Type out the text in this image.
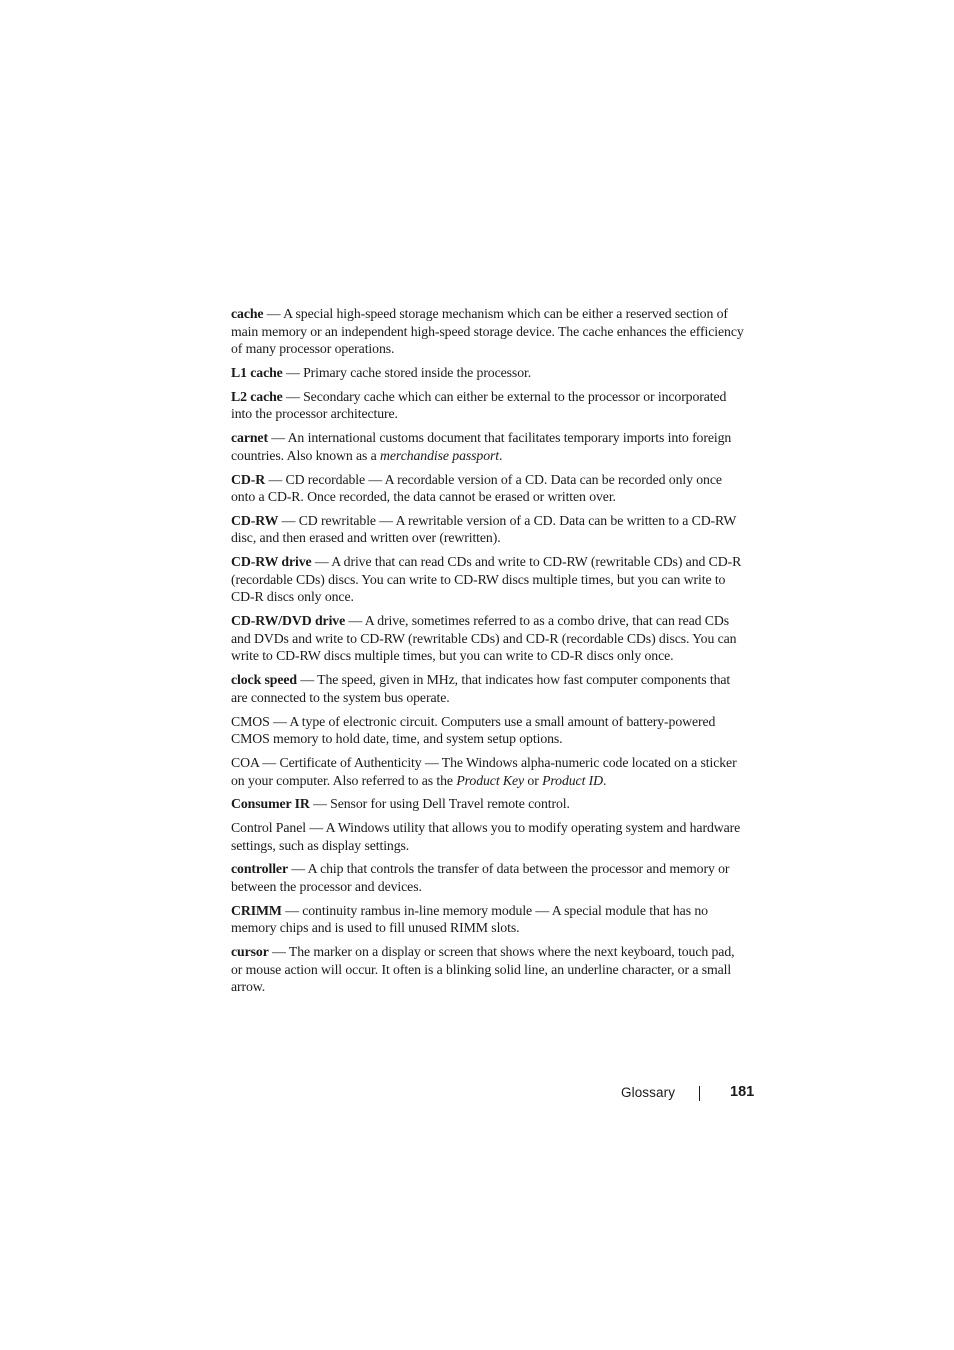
cache — A special high-speed storage mechanism which can be either a reserved section of main memory or an independent high-speed storage device. The cache enhances the efficiency of many processor operations.

L1 cache — Primary cache stored inside the processor.

L2 cache — Secondary cache which can either be external to the processor or incorporated into the processor architecture.

carnet — An international customs document that facilitates temporary imports into foreign countries. Also known as a merchandise passport.

CD-R — CD recordable — A recordable version of a CD. Data can be recorded only once onto a CD-R. Once recorded, the data cannot be erased or written over.

CD-RW — CD rewritable — A rewritable version of a CD. Data can be written to a CD-RW disc, and then erased and written over (rewritten).

CD-RW drive — A drive that can read CDs and write to CD-RW (rewritable CDs) and CD-R (recordable CDs) discs. You can write to CD-RW discs multiple times, but you can write to CD-R discs only once.

CD-RW/DVD drive — A drive, sometimes referred to as a combo drive, that can read CDs and DVDs and write to CD-RW (rewritable CDs) and CD-R (recordable CDs) discs. You can write to CD-RW discs multiple times, but you can write to CD-R discs only once.

clock speed — The speed, given in MHz, that indicates how fast computer components that are connected to the system bus operate.

CMOS — A type of electronic circuit. Computers use a small amount of battery-powered CMOS memory to hold date, time, and system setup options.

COA — Certificate of Authenticity — The Windows alpha-numeric code located on a sticker on your computer. Also referred to as the Product Key or Product ID.

Consumer IR — Sensor for using Dell Travel remote control.

Control Panel — A Windows utility that allows you to modify operating system and hardware settings, such as display settings.

controller — A chip that controls the transfer of data between the processor and memory or between the processor and devices.

CRIMM — continuity rambus in-line memory module — A special module that has no memory chips and is used to fill unused RIMM slots.

cursor — The marker on a display or screen that shows where the next keyboard, touch pad, or mouse action will occur. It often is a blinking solid line, an underline character, or a small arrow.

Glossary	181
